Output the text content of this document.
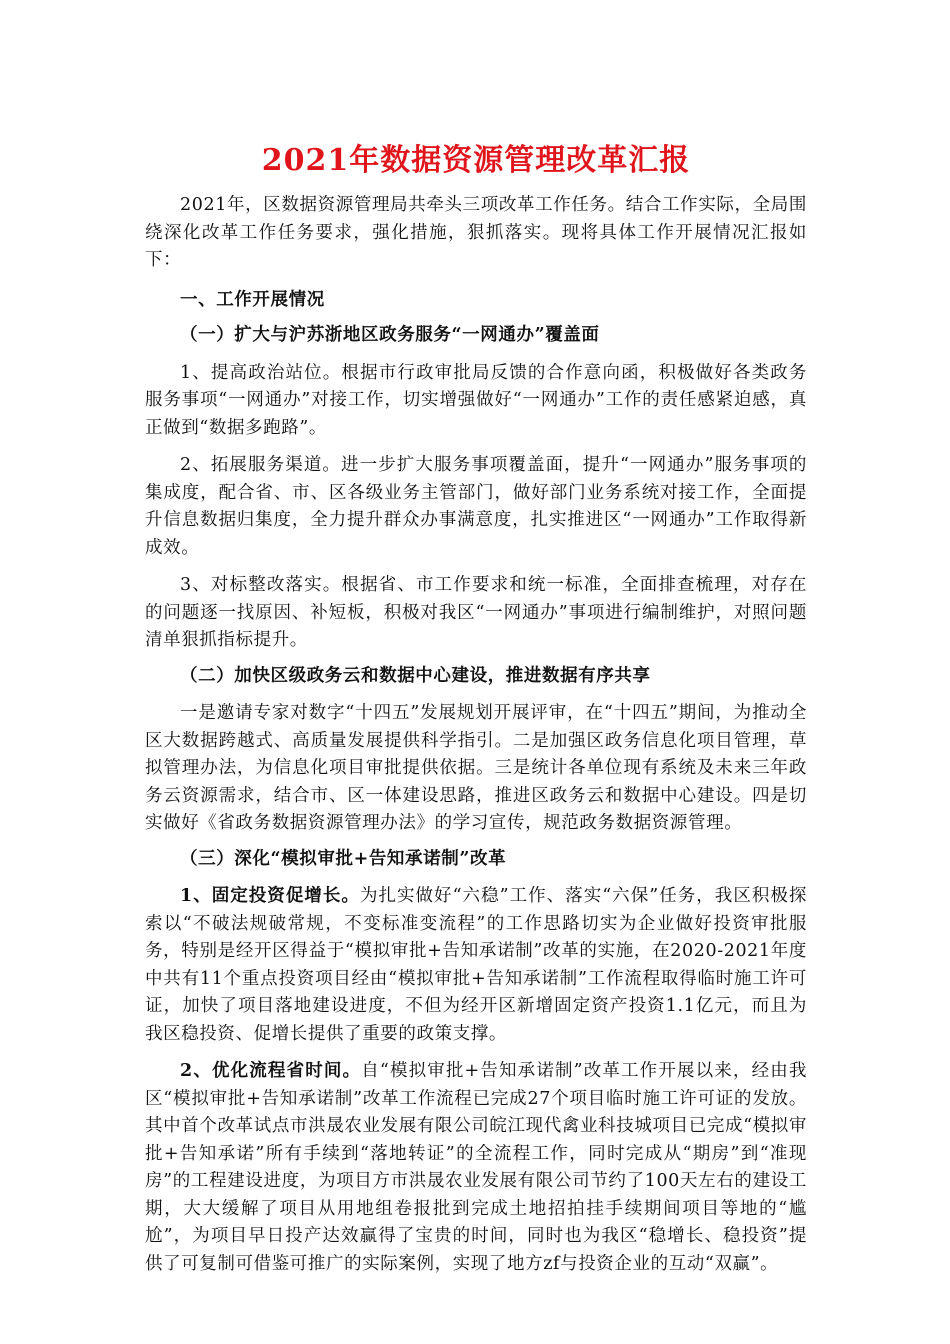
2021年数据资源管理改革汇报

2021年，区数据资源管理局共牵头三项改革工作任务。结合工作实际，全局围绕深化改革工作任务要求，强化措施，狠抓落实。现将具体工作开展情况汇报如下：

一、工作开展情况

（一）扩大与沪苏浙地区政务服务“一网通办”覆盖面

1、提高政治站位。根据市行政审批局反馈的合作意向函，积极做好各类政务服务事项“一网通办”对接工作，切实增强做好“一网通办”工作的责任感紧迫感，真正做到“数据多跑路”。

2、拓展服务渠道。进一步扩大服务事项覆盖面，提升“一网通办”服务事项的集成度，配合省、市、区各级业务主管部门，做好部门业务系统对接工作，全面提升信息数据归集度，全力提升群众办事满意度，扎实推进区“一网通办”工作取得新成效。

3、对标整改落实。根据省、市工作要求和统一标准，全面排查梳理，对存在的问题逐一找原因、补短板，积极对我区“一网通办”事项进行编制维护，对照问题清单狠抓指标提升。

（二）加快区级政务云和数据中心建设，推进数据有序共享

一是邀请专家对数字“十四五”发展规划开展评审，在“十四五”期间，为推动全区大数据跨越式、高质量发展提供科学指引。二是加强区政务信息化项目管理，草拟管理办法，为信息化项目审批提供依据。三是统计各单位现有系统及未来三年政务云资源需求，结合市、区一体建设思路，推进区政务云和数据中心建设。四是切实做好《省政务数据资源管理办法》的学习宣传，规范政务数据资源管理。

（三）深化“模拟审批+告知承诺制”改革

1、固定投资促增长。为扎实做好“六稳”工作、落实“六保”任务，我区积极探索以“不破法规破常规，不变标准变流程”的工作思路切实为企业做好投资审批服务，特别是经开区得益于“模拟审批+告知承诺制”改革的实施，在2020-2021年度中共有11个重点投资项目经由“模拟审批+告知承诺制”工作流程取得临时施工许可证，加快了项目落地建设进度，不但为经开区新增固定资产投资1.1亿元，而且为我区稳投资、促增长提供了重要的政策支撑。

2、优化流程省时间。自“模拟审批+告知承诺制”改革工作开展以来，经由我区“模拟审批+告知承诺制”改革工作流程已完成27个项目临时施工许可证的发放。其中首个改革试点市洪晟农业发展有限公司皖江现代禽业科技城项目已完成“模拟审批+告知承诺”所有手续到“落地转证”的全流程工作，同时完成从“期房”到“准现房”的工程建设进度，为项目方市洪晟农业发展有限公司节约了100天左右的建设工期，大大缓解了项目从用地组卷报批到完成土地招拍挂手续期间项目等地的“尴尬”，为项目早日投产达效赢得了宝贵的时间，同时也为我区“稳增长、稳投资”提供了可复制可借鉴可推广的实际案例，实现了地方zf与投资企业的互动“双赢”。
